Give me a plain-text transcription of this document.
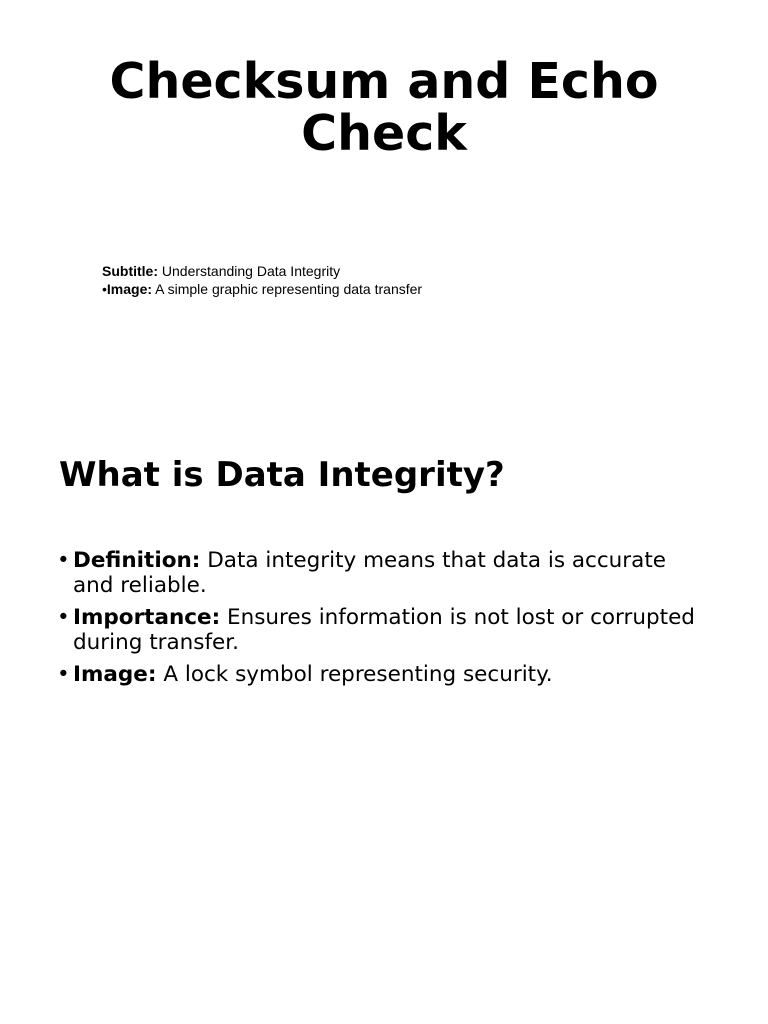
Checksum and Echo Check
Subtitle: Understanding Data Integrity
•Image: A simple graphic representing data transfer
What is Data Integrity?
• Definition: Data integrity means that data is accurate and reliable.
• Importance: Ensures information is not lost or corrupted during transfer.
• Image: A lock symbol representing security.
